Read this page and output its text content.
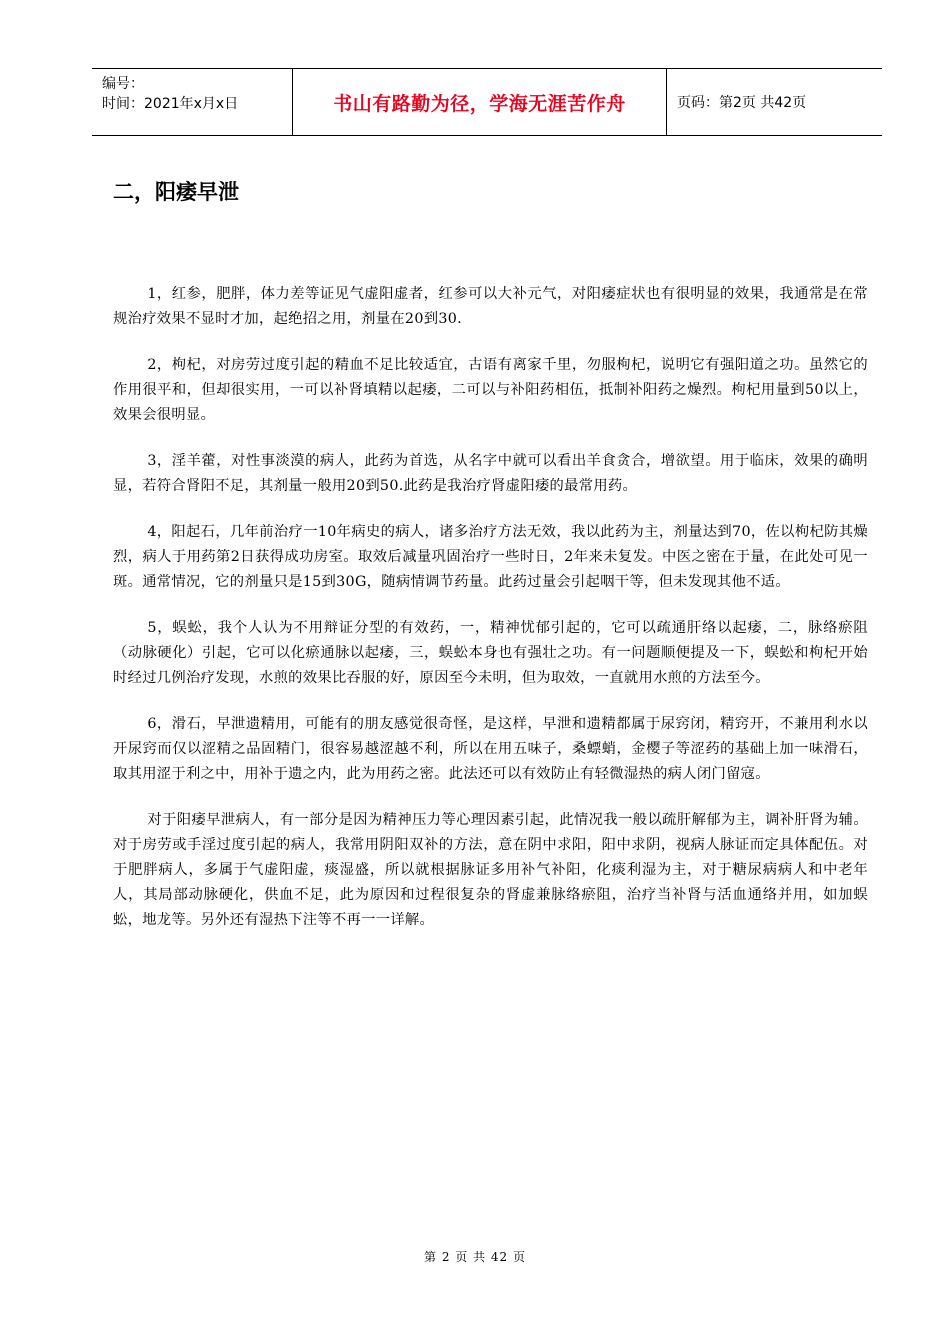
编号：
时间：2021年x月x日	书山有路勤为径，学海无涯苦作舟	页码：第2页 共42页
二，阳痿早泄

1，红参，肥胖，体力差等证见气虚阳虚者，红参可以大补元气，对阳痿症状也有很明显的效果，我通常是在常规治疗效果不显时才加，起绝招之用，剂量在20到30.

2，枸杞，对房劳过度引起的精血不足比较适宜，古语有离家千里，勿服枸杞，说明它有强阳道之功。虽然它的作用很平和，但却很实用，一可以补肾填精以起痿，二可以与补阳药相伍，抵制补阳药之燥烈。枸杞用量到50以上，效果会很明显。

3，淫羊藿，对性事淡漠的病人，此药为首选，从名字中就可以看出羊食贪合，增欲望。用于临床，效果的确明显，若符合肾阳不足，其剂量一般用20到50.此药是我治疗肾虚阳痿的最常用药。

4，阳起石，几年前治疗一10年病史的病人，诸多治疗方法无效，我以此药为主，剂量达到70，佐以枸杞防其燥烈，病人于用药第2日获得成功房室。取效后减量巩固治疗一些时日，2年来未复发。中医之密在于量，在此处可见一斑。通常情况，它的剂量只是15到30G，随病情调节药量。此药过量会引起咽干等，但未发现其他不适。

5，蜈蚣，我个人认为不用辩证分型的有效药，一，精神忧郁引起的，它可以疏通肝络以起痿，二，脉络瘀阻（动脉硬化）引起，它可以化瘀通脉以起痿，三，蜈蚣本身也有强壮之功。有一问题顺便提及一下，蜈蚣和枸杞开始时经过几例治疗发现，水煎的效果比吞服的好，原因至今未明，但为取效，一直就用水煎的方法至今。

6，滑石，早泄遗精用，可能有的朋友感觉很奇怪，是这样，早泄和遗精都属于尿窍闭，精窍开，不兼用利水以开尿窍而仅以涩精之品固精门，很容易越涩越不利，所以在用五味子，桑螵蛸，金樱子等涩药的基础上加一味滑石，取其用涩于利之中，用补于遗之内，此为用药之密。此法还可以有效防止有轻微湿热的病人闭门留寇。

对于阳痿早泄病人，有一部分是因为精神压力等心理因素引起，此情况我一般以疏肝解郁为主，调补肝肾为辅。对于房劳或手淫过度引起的病人，我常用阴阳双补的方法，意在阴中求阳，阳中求阴，视病人脉证而定具体配伍。对于肥胖病人，多属于气虚阳虚，痰湿盛，所以就根据脉证多用补气补阳，化痰利湿为主，对于糖尿病病人和中老年人，其局部动脉硬化，供血不足，此为原因和过程很复杂的肾虚兼脉络瘀阻，治疗当补肾与活血通络并用，如加蜈蚣，地龙等。另外还有湿热下注等不再一一详解。

第 2 页 共 42 页
